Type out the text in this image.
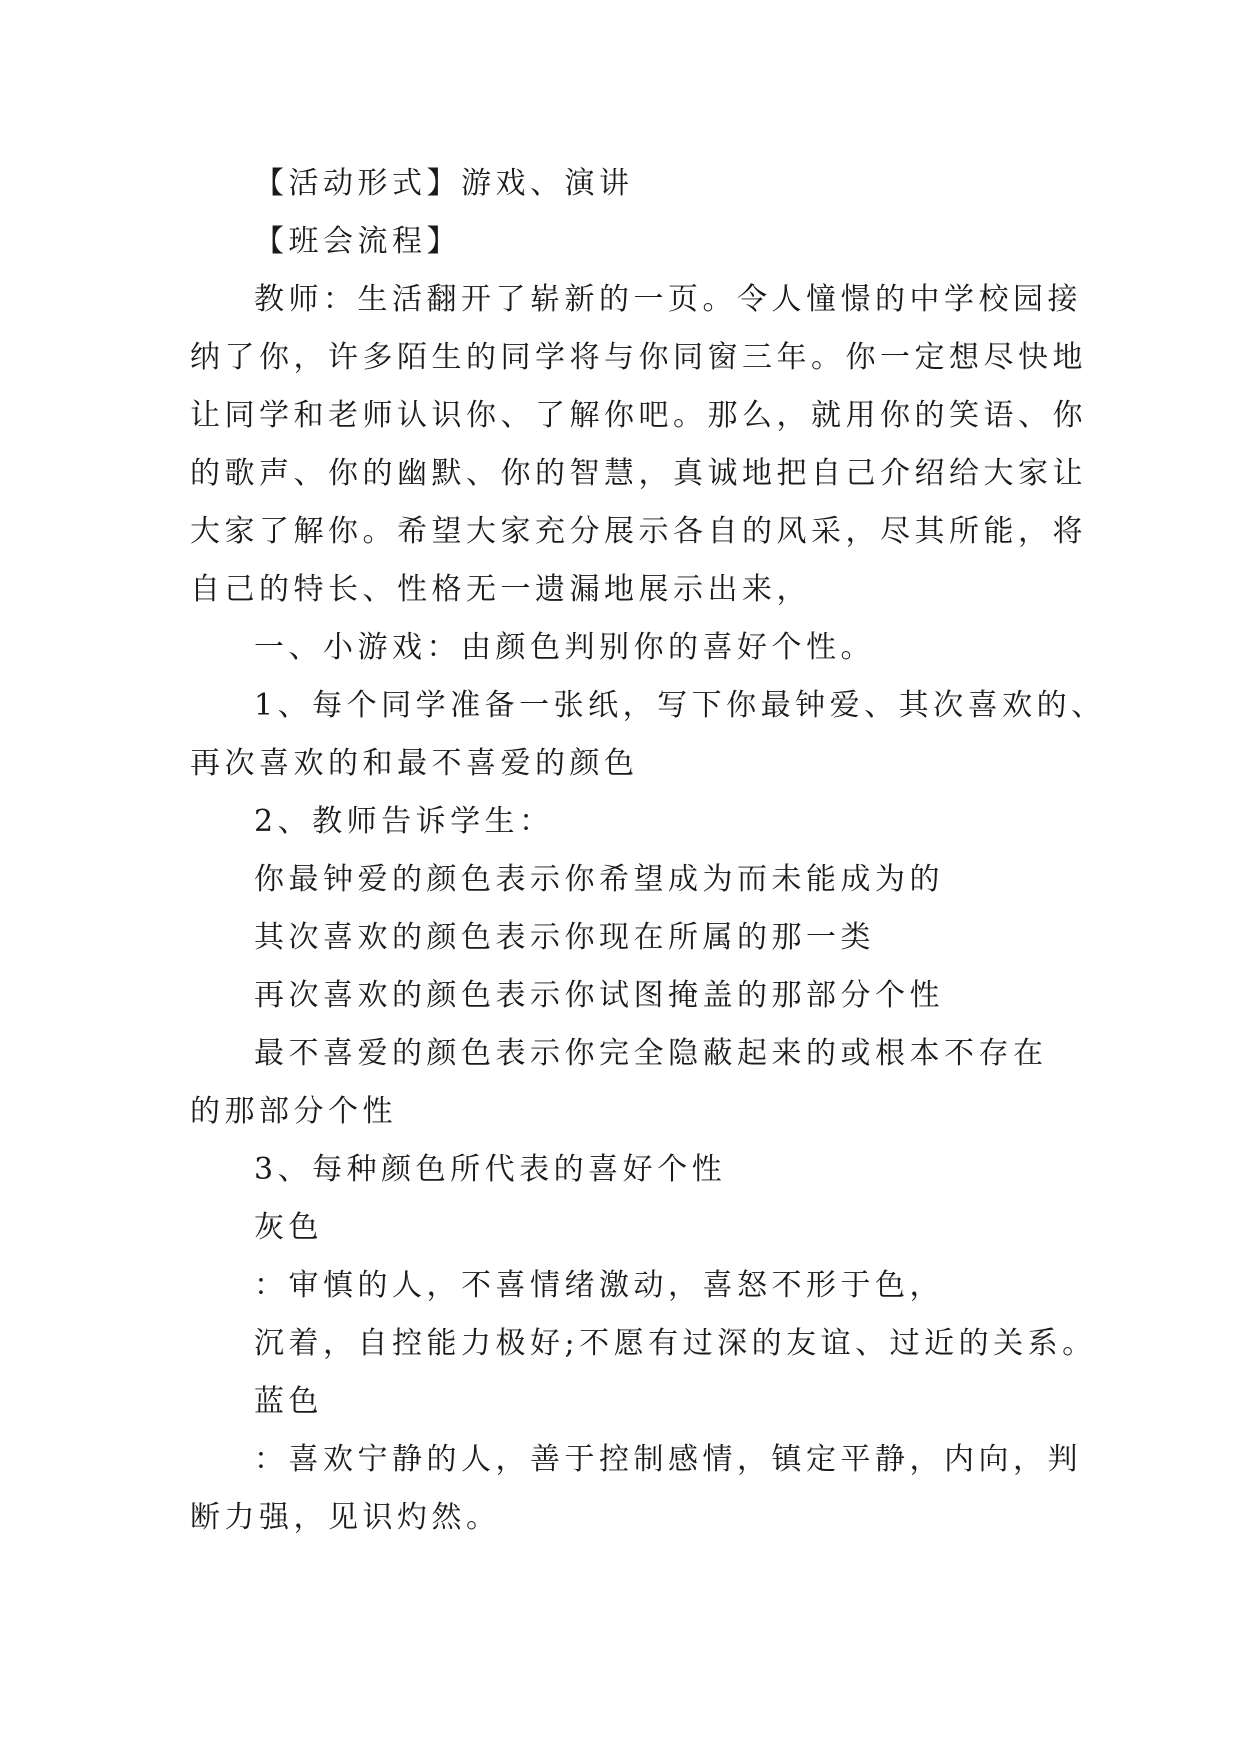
【活动形式】游戏、演讲

【班会流程】

教师：生活翻开了崭新的一页。令人憧憬的中学校园接

纳了你，许多陌生的同学将与你同窗三年。你一定想尽快地

让同学和老师认识你、了解你吧。那么，就用你的笑语、你

的歌声、你的幽默、你的智慧，真诚地把自己介绍给大家让

大家了解你。希望大家充分展示各自的风采，尽其所能，将

自己的特长、性格无一遗漏地展示出来，

一、小游戏：由颜色判别你的喜好个性。

1、每个同学准备一张纸，写下你最钟爱、其次喜欢的、

再次喜欢的和最不喜爱的颜色

2、教师告诉学生：

你最钟爱的颜色表示你希望成为而未能成为的

其次喜欢的颜色表示你现在所属的那一类

再次喜欢的颜色表示你试图掩盖的那部分个性

最不喜爱的颜色表示你完全隐蔽起来的或根本不存在

的那部分个性

3、每种颜色所代表的喜好个性

灰色

：审慎的人，不喜情绪激动，喜怒不形于色，

沉着，自控能力极好;不愿有过深的友谊、过近的关系。

蓝色

：喜欢宁静的人，善于控制感情，镇定平静，内向，判

断力强，见识灼然。
